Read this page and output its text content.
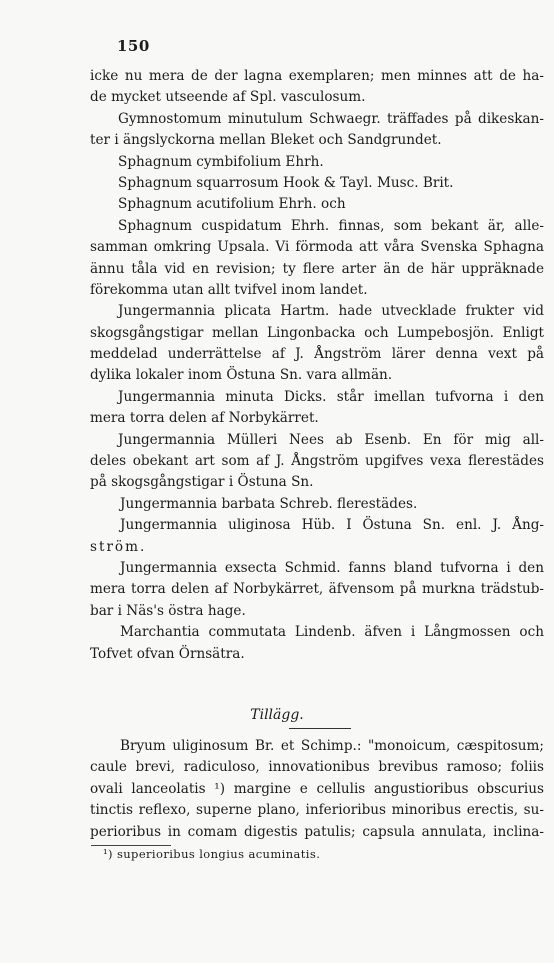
150
icke nu mera de der lagna exemplaren; men minnes att de ha-
de mycket utseende af Spl. vasculosum.
Gymnostomum minutulum Schwaegr. träffades på dikeskan-
ter i ängslyckorna mellan Bleket och Sandgrundet.
Sphagnum cymbifolium Ehrh.
Sphagnum squarrosum Hook & Tayl. Musc. Brit.
Sphagnum acutifolium Ehrh. och
Sphagnum cuspidatum Ehrh. finnas, som bekant är, alle-
samman omkring Upsala. Vi förmoda att våra Svenska Sphagna
ännu tåla vid en revision; ty flere arter än de här uppräknade
förekomma utan allt tvifvel inom landet.
Jungermannia plicata Hartm. hade utvecklade frukter vid
skogsgångstigar mellan Lingonbacka och Lumpebosjön. Enligt
meddelad underrättelse af J. Ångström lärer denna vext på
dylika lokaler inom Östuna Sn. vara allmän.
Jungermannia minuta Dicks. står imellan tufvorna i den
mera torra delen af Norbykärret.
Jungermannia Mülleri Nees ab Esenb. En för mig all-
deles obekant art som af J. Ångström upgifves vexa flerestädes
på skogsgångstigar i Östuna Sn.
Jungermannia barbata Schreb. flerestädes.
Jungermannia uliginosa Hüb. I Östuna Sn. enl. J. Ång-
ström.
Jungermannia exsecta Schmid. fanns bland tufvorna i den
mera torra delen af Norbykärret, äfvensom på murkna trädstub-
bar i Näs's östra hage.
Marchantia commutata Lindenb. äfven i Långmossen och
Tofvet ofvan Örnsätra.
Tillägg.
Bryum uliginosum Br. et Schimp.: "monoicum, cæspitosum;
caule brevi, radiculoso, innovationibus brevibus ramoso; foliis
ovali lanceolatis ¹) margine e cellulis angustioribus obscurius
tinctis reflexo, superne plano, inferioribus minoribus erectis, su-
perioribus in comam digestis patulis; capsula annulata, inclina-
¹) superioribus longius acuminatis.
